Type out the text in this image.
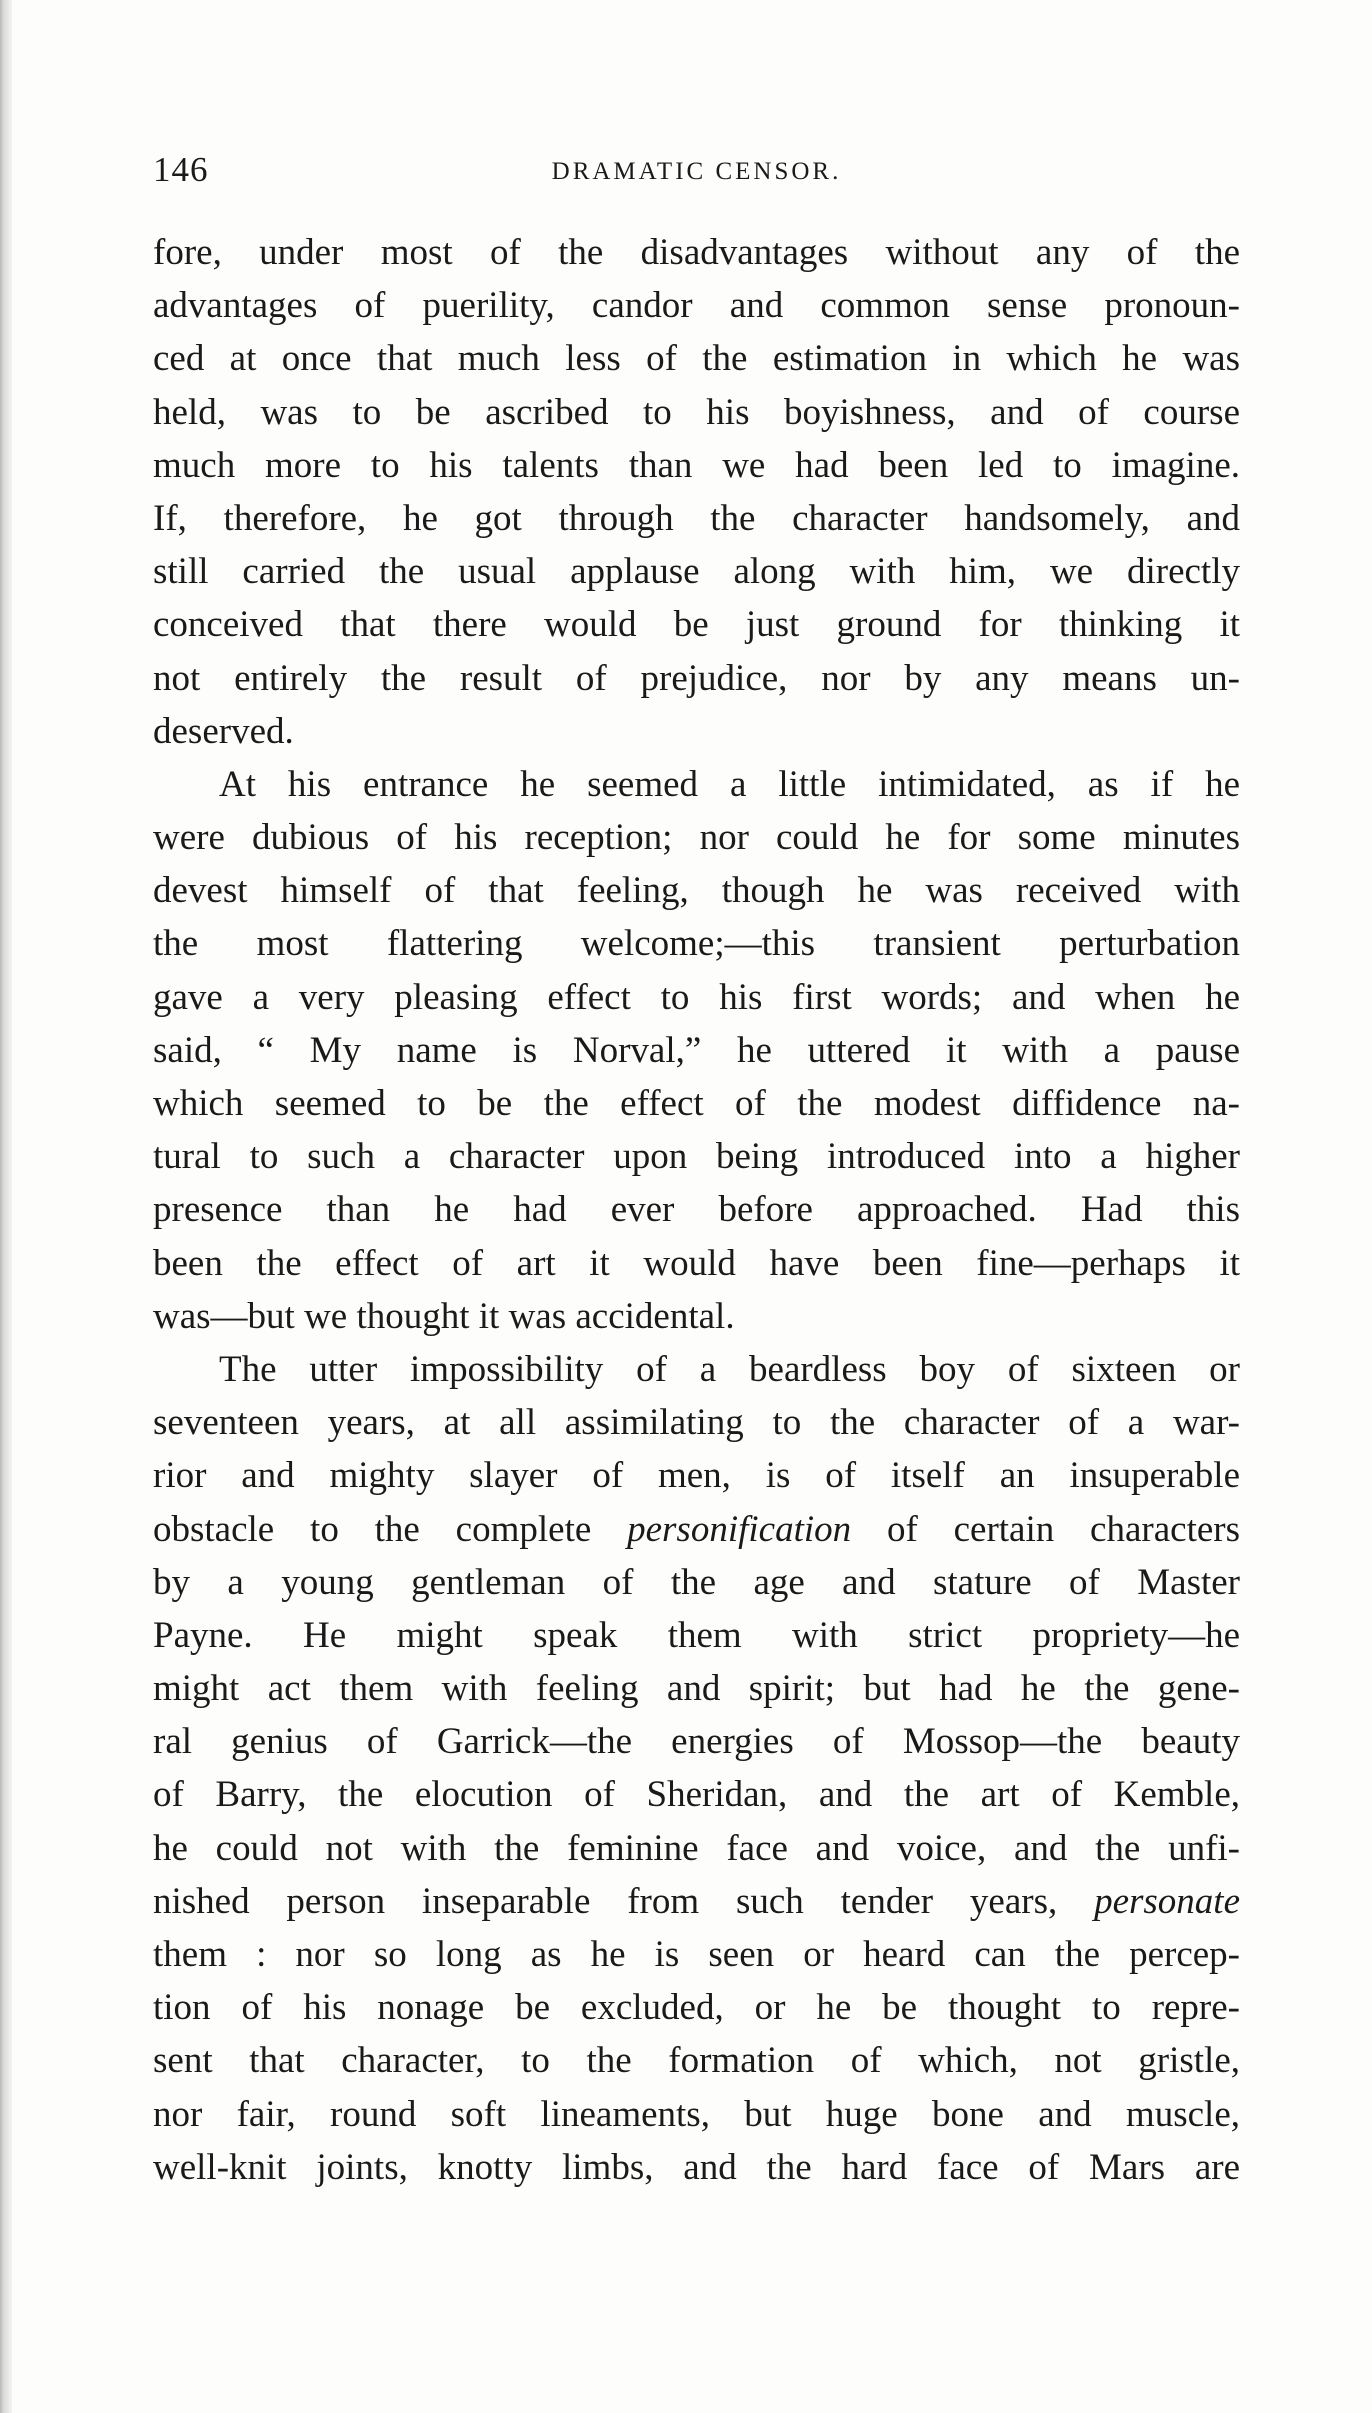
146	DRAMATIC CENSOR.
fore, under most of the disadvantages without any of the
advantages of puerility, candor and common sense pronoun-
ced at once that much less of the estimation in which he was
held, was to be ascribed to his boyishness, and of course
much more to his talents than we had been led to imagine.
If, therefore, he got through the character handsomely, and
still carried the usual applause along with him, we directly
conceived that there would be just ground for thinking it
not entirely the result of prejudice, nor by any means un-
deserved.
At his entrance he seemed a little intimidated, as if he
were dubious of his reception; nor could he for some minutes
devest himself of that feeling, though he was received with
the most flattering welcome;—this transient perturbation
gave a very pleasing effect to his first words; and when he
said, “ My name is Norval,” he uttered it with a pause
which seemed to be the effect of the modest diffidence na-
tural to such a character upon being introduced into a higher
presence than he had ever before approached. Had this
been the effect of art it would have been fine—perhaps it
was—but we thought it was accidental.
The utter impossibility of a beardless boy of sixteen or
seventeen years, at all assimilating to the character of a war-
rior and mighty slayer of men, is of itself an insuperable
obstacle to the complete personification of certain characters
by a young gentleman of the age and stature of Master
Payne. He might speak them with strict propriety—he
might act them with feeling and spirit; but had he the gene-
ral genius of Garrick—the energies of Mossop—the beauty
of Barry, the elocution of Sheridan, and the art of Kemble,
he could not with the feminine face and voice, and the unfi-
nished person inseparable from such tender years, personate
them : nor so long as he is seen or heard can the percep-
tion of his nonage be excluded, or he be thought to repre-
sent that character, to the formation of which, not gristle,
nor fair, round soft lineaments, but huge bone and muscle,
well-knit joints, knotty limbs, and the hard face of Mars are
